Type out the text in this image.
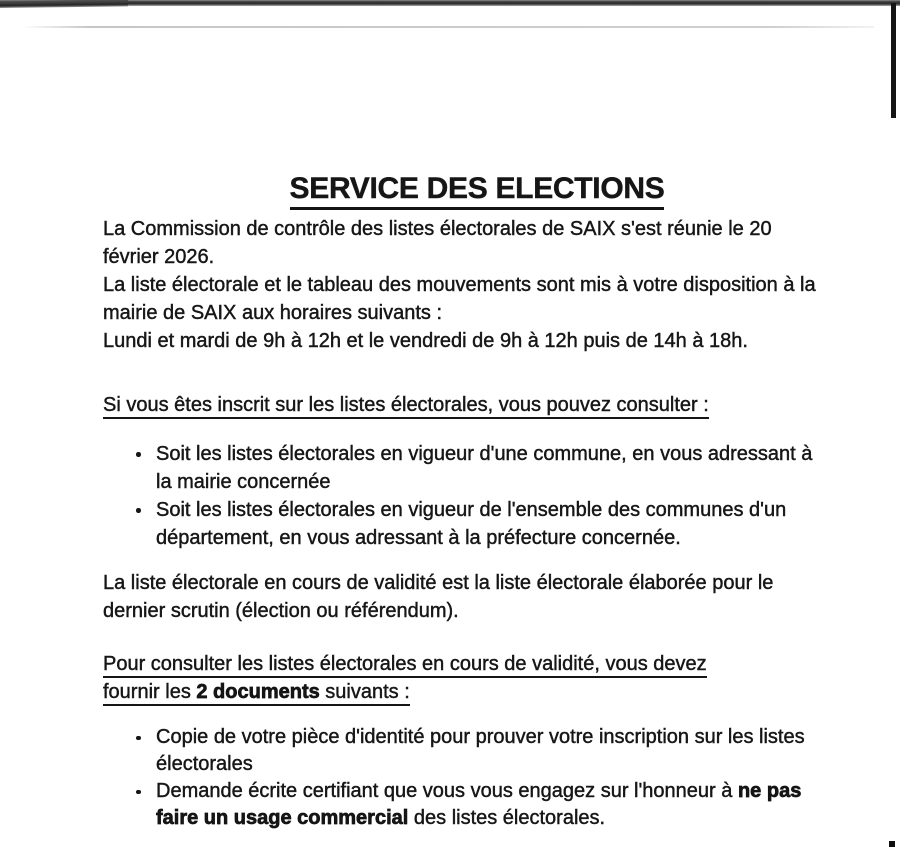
SERVICE DES ELECTIONS
La Commission de contrôle des listes électorales de SAIX s'est réunie le 20
février 2026.
La liste électorale et le tableau des mouvements sont mis à votre disposition à la
mairie de SAIX aux horaires suivants :
Lundi et mardi de 9h à 12h et le vendredi de 9h à 12h puis de 14h à 18h.
Si vous êtes inscrit sur les listes électorales, vous pouvez consulter :
Soit les listes électorales en vigueur d'une commune, en vous adressant à
la mairie concernée
Soit les listes électorales en vigueur de l'ensemble des communes d'un
département, en vous adressant à la préfecture concernée.
La liste électorale en cours de validité est la liste électorale élaborée pour le
dernier scrutin (élection ou référendum).
Pour consulter les listes électorales en cours de validité, vous devez
fournir les 2 documents suivants :
Copie de votre pièce d'identité pour prouver votre inscription sur les listes
électorales
Demande écrite certifiant que vous vous engagez sur l'honneur à ne pas
faire un usage commercial des listes électorales.
